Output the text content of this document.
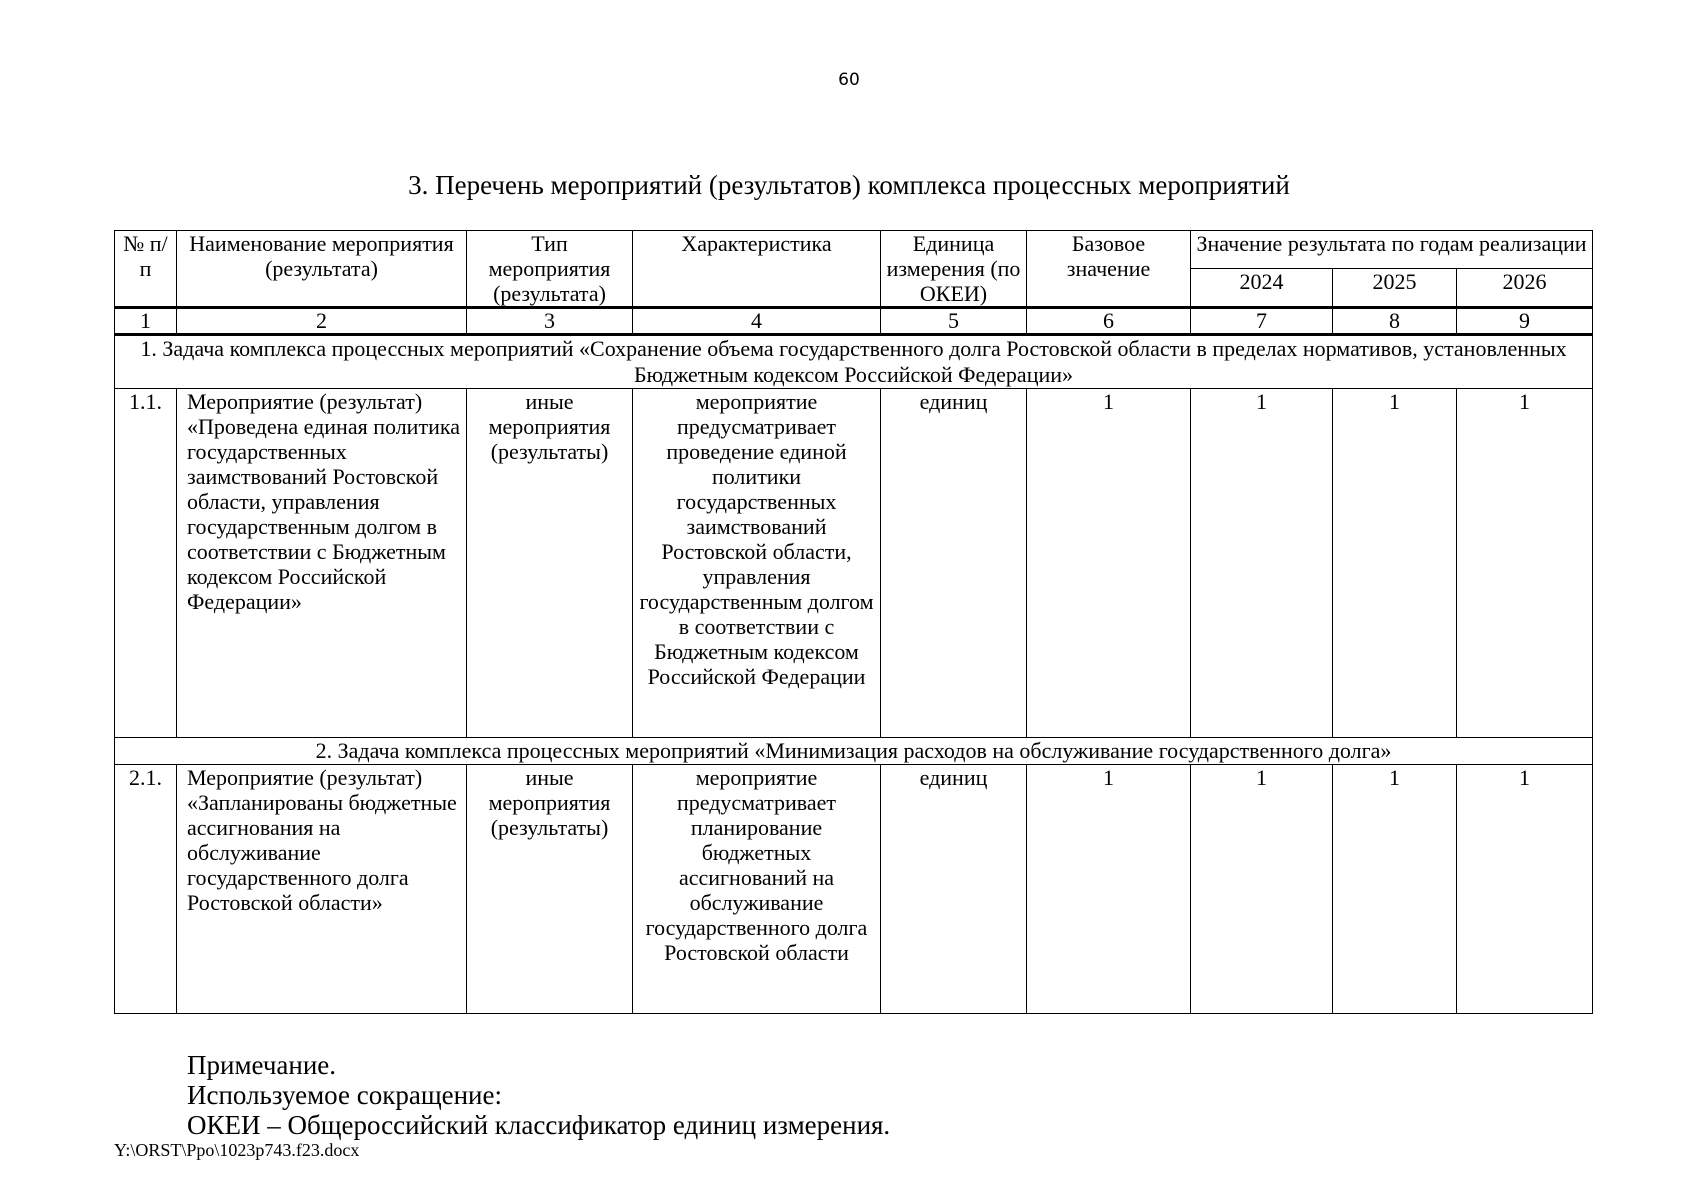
60
3. Перечень мероприятий (результатов) комплекса процессных мероприятий
№ п/п	Наименование мероприятия (результата)	Тип мероприятия (результата)	Характеристика	Единица измерения (по ОКЕИ)	Базовое значение	Значение результата по годам реализации		
						2024	2025	2026
1	2	3	4	5	6	7	8	9
1. Задача комплекса процессных мероприятий «Сохранение объема государственного долга Ростовской области в пределах нормативов, установленных Бюджетным кодексом Российской Федерации»								
1.1.	Мероприятие (результат) «Проведена единая политика государственных заимствований Ростовской области, управления государственным долгом в соответствии с Бюджетным кодексом Российской Федерации»	иные мероприятия (результаты)	мероприятие предусматривает проведение единой политики государственных заимствований Ростовской области, управления государственным долгом в соответствии с Бюджетным кодексом Российской Федерации	единиц	1	1	1	1
2. Задача комплекса процессных мероприятий «Минимизация расходов на обслуживание государственного долга»								
2.1.	Мероприятие (результат) «Запланированы бюджетные ассигнования на обслуживание государственного долга Ростовской области»	иные мероприятия (результаты)	мероприятие предусматривает планирование бюджетных ассигнований на обслуживание государственного долга Ростовской области	единиц	1	1	1	1
Примечание.
Используемое сокращение:
ОКЕИ – Общероссийский классификатор единиц измерения.
Y:\ORST\Ppo\1023p743.f23.docx
